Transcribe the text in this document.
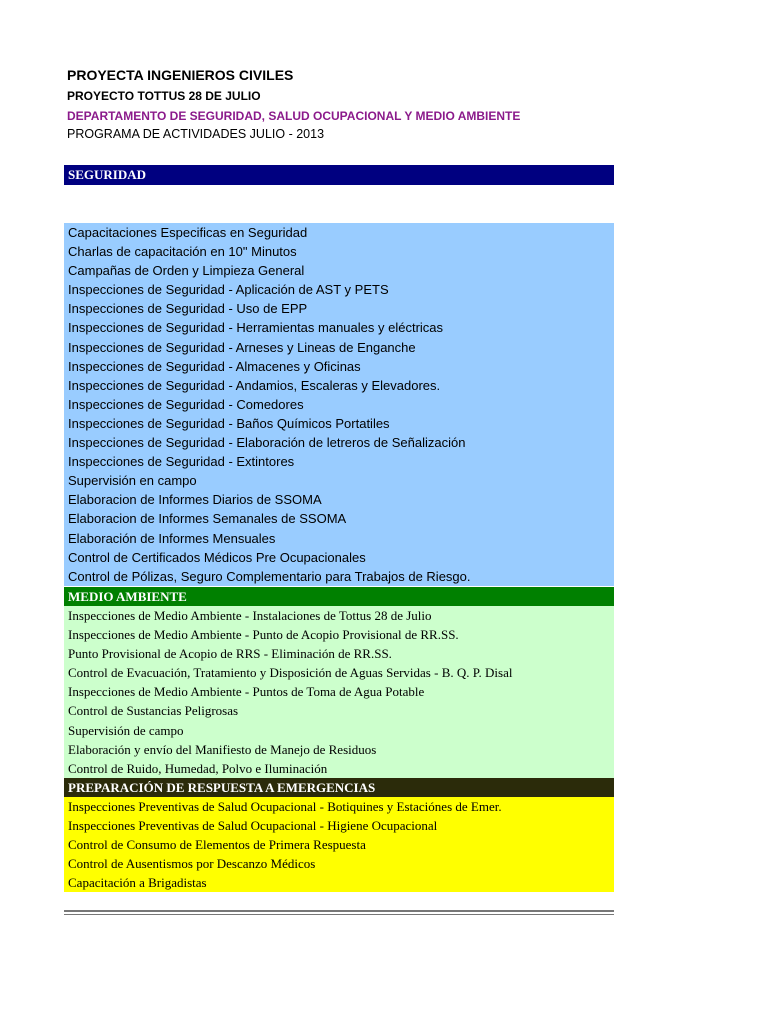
PROYECTA INGENIEROS CIVILES
PROYECTO TOTTUS 28 DE JULIO
DEPARTAMENTO DE SEGURIDAD, SALUD OCUPACIONAL Y MEDIO AMBIENTE
PROGRAMA DE ACTIVIDADES JULIO - 2013
SEGURIDAD
Capacitaciones Especificas en Seguridad
Charlas de capacitación en 10" Minutos
Campañas de Orden y Limpieza General
Inspecciones de Seguridad - Aplicación de AST y PETS
Inspecciones de Seguridad - Uso de EPP
Inspecciones de Seguridad - Herramientas manuales y eléctricas
Inspecciones de Seguridad - Arneses y Lineas de Enganche
Inspecciones de Seguridad - Almacenes y Oficinas
Inspecciones de Seguridad - Andamios, Escaleras y Elevadores.
Inspecciones de Seguridad - Comedores
Inspecciones de Seguridad - Baños Químicos Portatiles
Inspecciones de Seguridad - Elaboración de letreros de Señalización
Inspecciones de Seguridad - Extintores
Supervisión en campo
Elaboracion de Informes Diarios de SSOMA
Elaboracion de Informes Semanales de SSOMA
Elaboración de Informes Mensuales
Control de Certificados Médicos Pre Ocupacionales
Control de Pólizas, Seguro Complementario para Trabajos de Riesgo.
MEDIO AMBIENTE
Inspecciones de Medio Ambiente - Instalaciones de Tottus 28 de Julio
Inspecciones de Medio Ambiente - Punto de Acopio Provisional de RR.SS.
Punto Provisional de Acopio de RRS - Eliminación de RR.SS.
Control de Evacuación, Tratamiento y Disposición de Aguas Servidas - B. Q. P. Disal
Inspecciones de Medio Ambiente - Puntos de Toma de Agua Potable
Control de Sustancias Peligrosas
Supervisión de campo
Elaboración y envío del Manifiesto de Manejo de Residuos
Control de Ruido, Humedad, Polvo e Iluminación
PREPARACIÓN DE RESPUESTA A EMERGENCIAS
Inspecciones Preventivas de Salud Ocupacional - Botiquines y Estaciónes de Emer.
Inspecciones Preventivas de Salud Ocupacional - Higiene Ocupacional
Control de Consumo de Elementos de Primera Respuesta
Control de Ausentismos por Descanzo Médicos
Capacitación a Brigadistas
